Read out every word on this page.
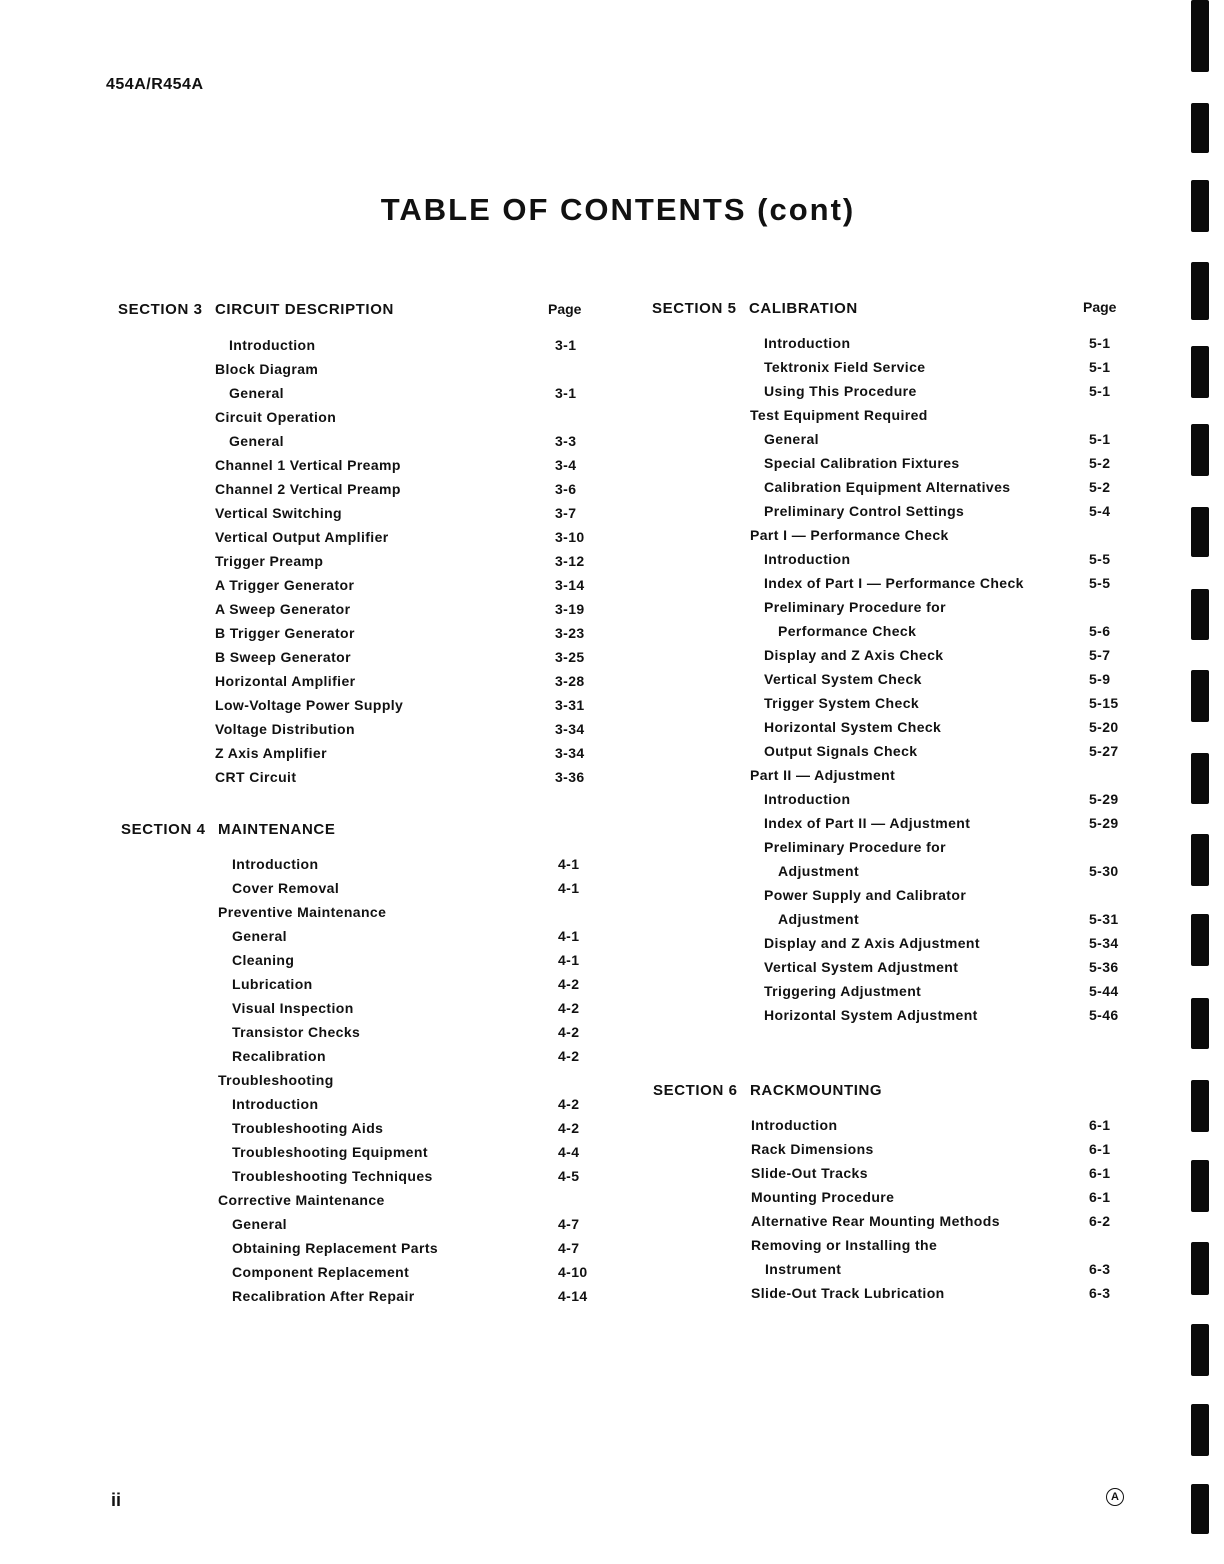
454A/R454A
TABLE OF CONTENTS (cont)
SECTION 3 CIRCUIT DESCRIPTION	Page
Introduction	3-1
Block Diagram
General	3-1
Circuit Operation
General	3-3
Channel 1 Vertical Preamp	3-4
Channel 2 Vertical Preamp	3-6
Vertical Switching	3-7
Vertical Output Amplifier	3-10
Trigger Preamp	3-12
A Trigger Generator	3-14
A Sweep Generator	3-19
B Trigger Generator	3-23
B Sweep Generator	3-25
Horizontal Amplifier	3-28
Low-Voltage Power Supply	3-31
Voltage Distribution	3-34
Z Axis Amplifier	3-34
CRT Circuit	3-36
SECTION 4 MAINTENANCE
Introduction	4-1
Cover Removal	4-1
Preventive Maintenance
General	4-1
Cleaning	4-1
Lubrication	4-2
Visual Inspection	4-2
Transistor Checks	4-2
Recalibration	4-2
Troubleshooting
Introduction	4-2
Troubleshooting Aids	4-2
Troubleshooting Equipment	4-4
Troubleshooting Techniques	4-5
Corrective Maintenance
General	4-7
Obtaining Replacement Parts	4-7
Component Replacement	4-10
Recalibration After Repair	4-14
SECTION 5 CALIBRATION	Page
Introduction	5-1
Tektronix Field Service	5-1
Using This Procedure	5-1
Test Equipment Required
General	5-1
Special Calibration Fixtures	5-2
Calibration Equipment Alternatives	5-2
Preliminary Control Settings	5-4
Part I — Performance Check
Introduction	5-5
Index of Part I — Performance Check	5-5
Preliminary Procedure for
Performance Check	5-6
Display and Z Axis Check	5-7
Vertical System Check	5-9
Trigger System Check	5-15
Horizontal System Check	5-20
Output Signals Check	5-27
Part II — Adjustment
Introduction	5-29
Index of Part II — Adjustment	5-29
Preliminary Procedure for
Adjustment	5-30
Power Supply and Calibrator
Adjustment	5-31
Display and Z Axis Adjustment	5-34
Vertical System Adjustment	5-36
Triggering Adjustment	5-44
Horizontal System Adjustment	5-46
SECTION 6 RACKMOUNTING
Introduction	6-1
Rack Dimensions	6-1
Slide-Out Tracks	6-1
Mounting Procedure	6-1
Alternative Rear Mounting Methods	6-2
Removing or Installing the
Instrument	6-3
Slide-Out Track Lubrication	6-3
ii	A
